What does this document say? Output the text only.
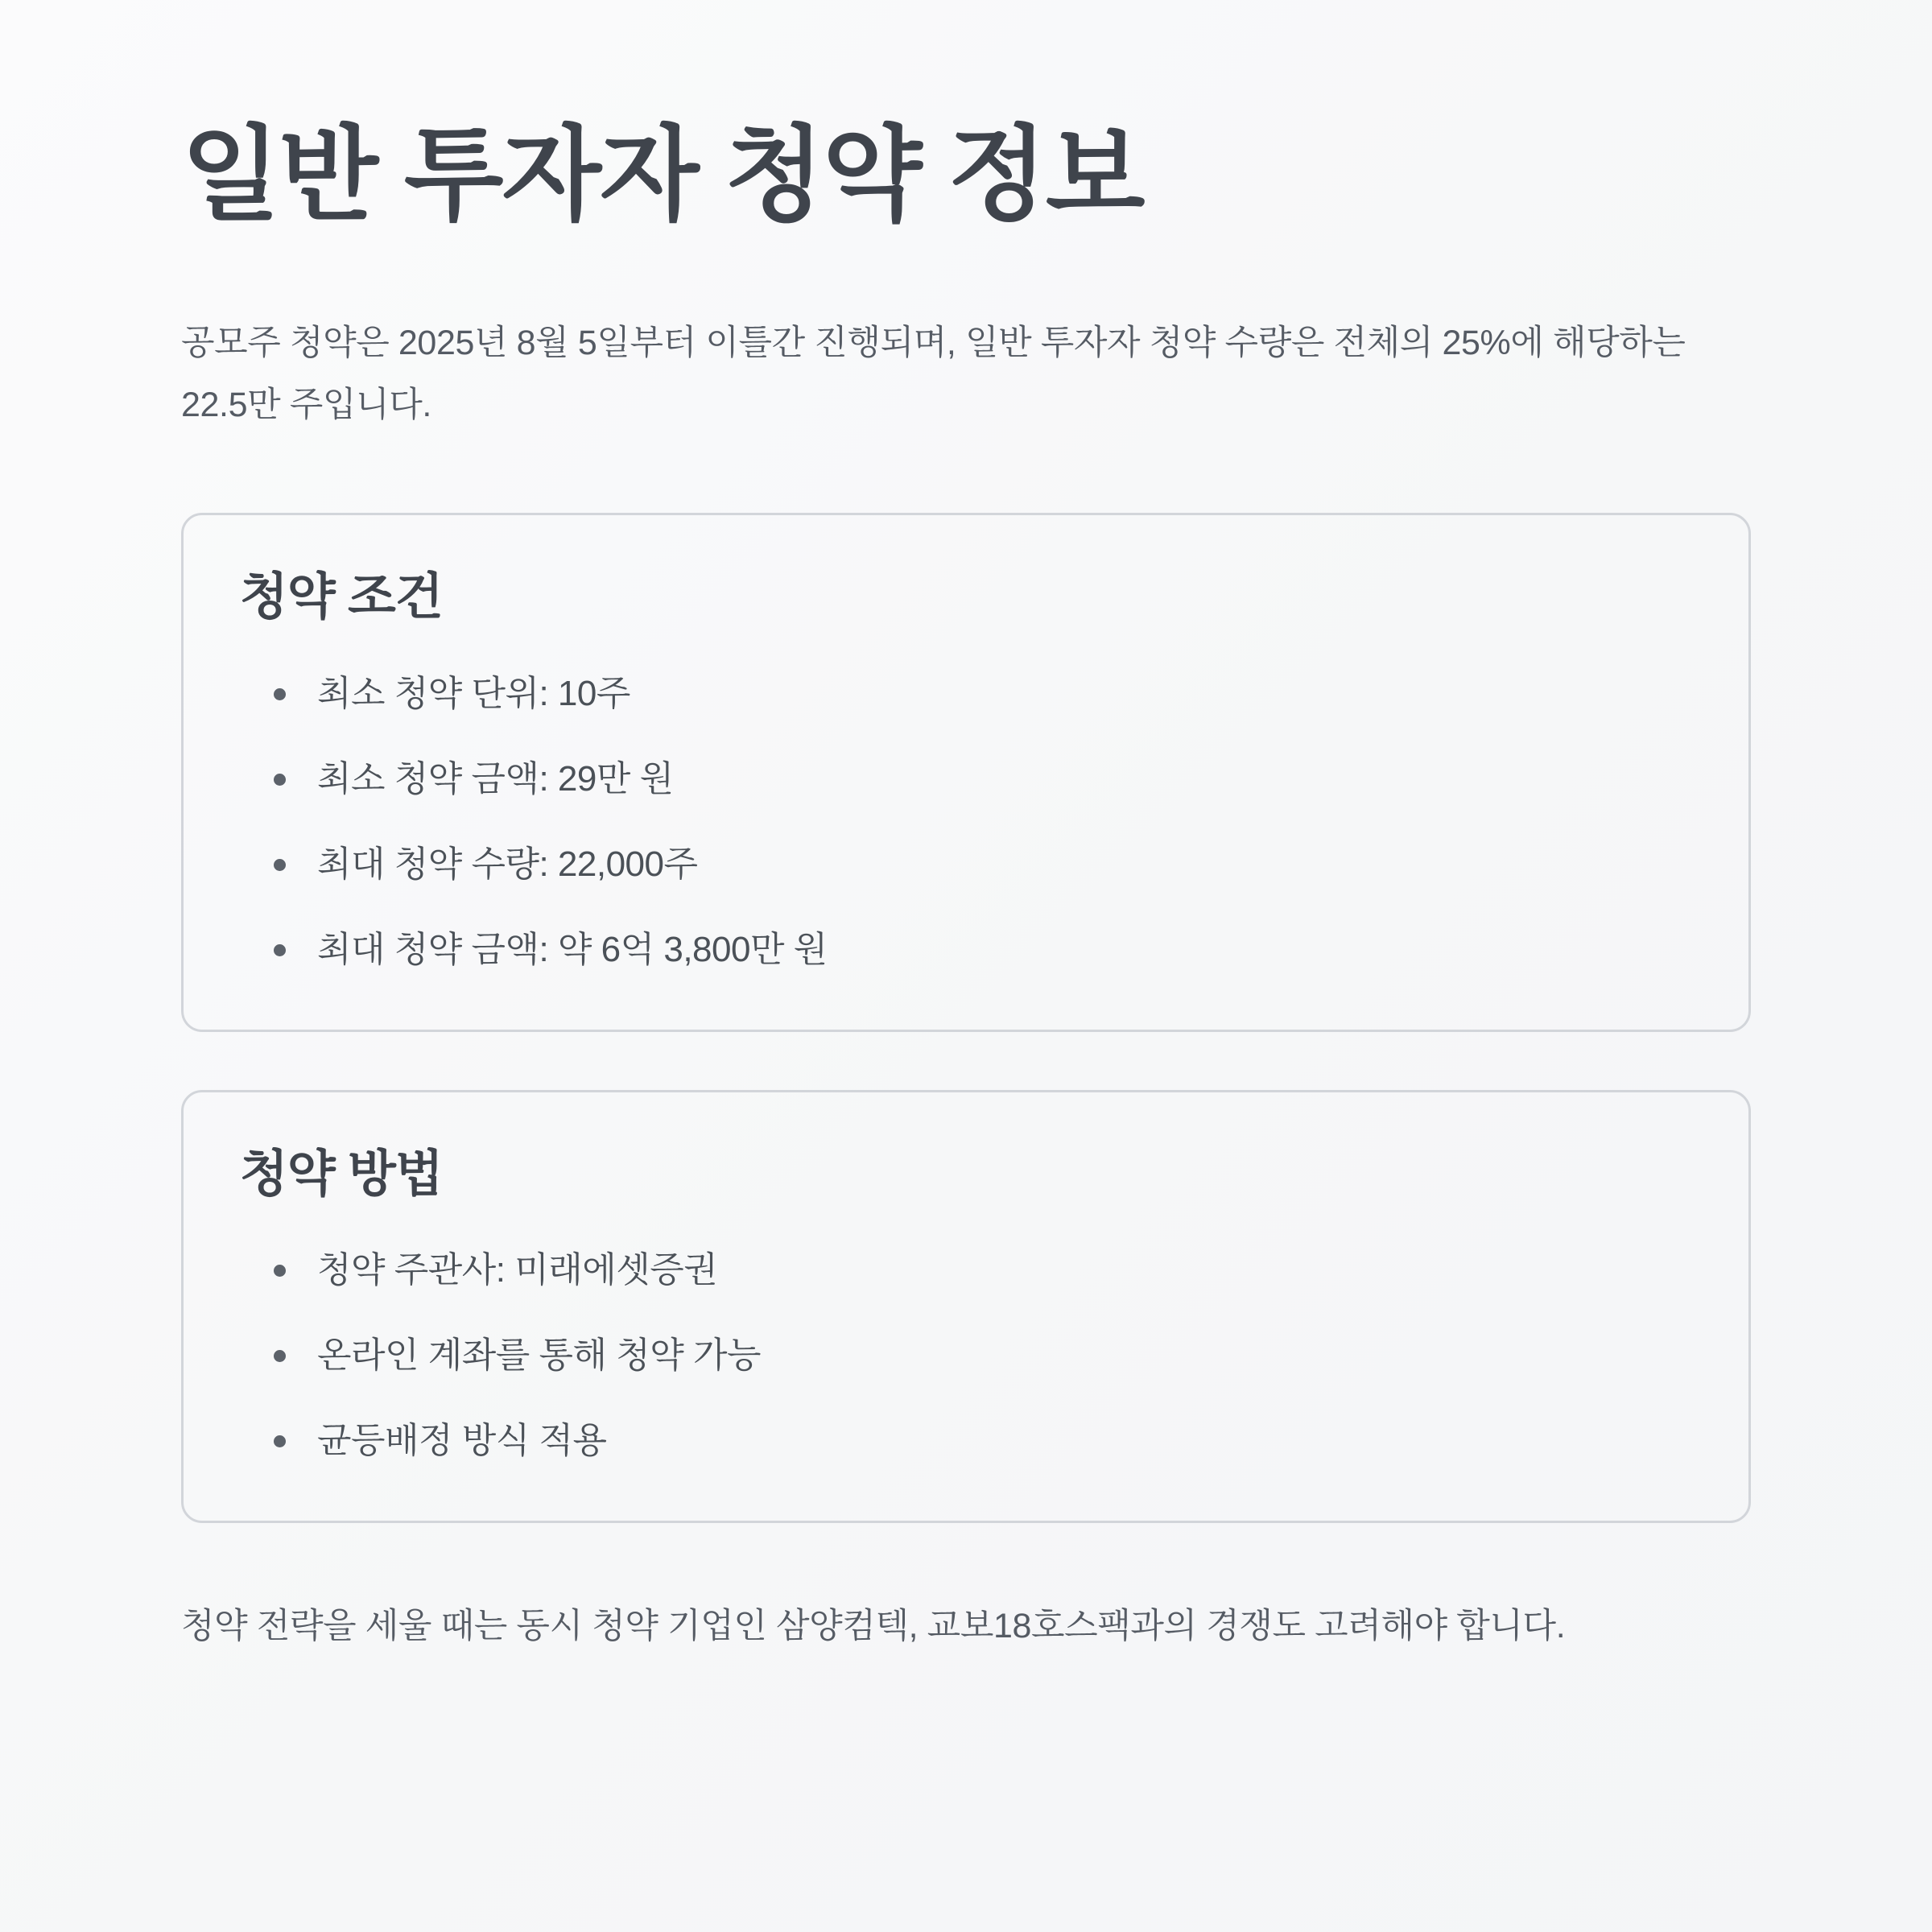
일반 투자자 청약 정보

공모주 청약은 2025년 8월 5일부터 이틀간 진행되며, 일반 투자자 청약 수량은 전체의 25%에 해당하는 22.5만 주입니다.

청약 조건
최소 청약 단위: 10주
최소 청약 금액: 29만 원
최대 청약 수량: 22,000주
최대 청약 금액: 약 6억 3,800만 원
청약 방법
청약 주관사: 미래에셋증권
온라인 계좌를 통해 청약 가능
균등배정 방식 적용

청약 전략을 세울 때는 동시 청약 기업인 삼양컴텍, 교보18호스팩과의 경쟁도 고려해야 합니다.
